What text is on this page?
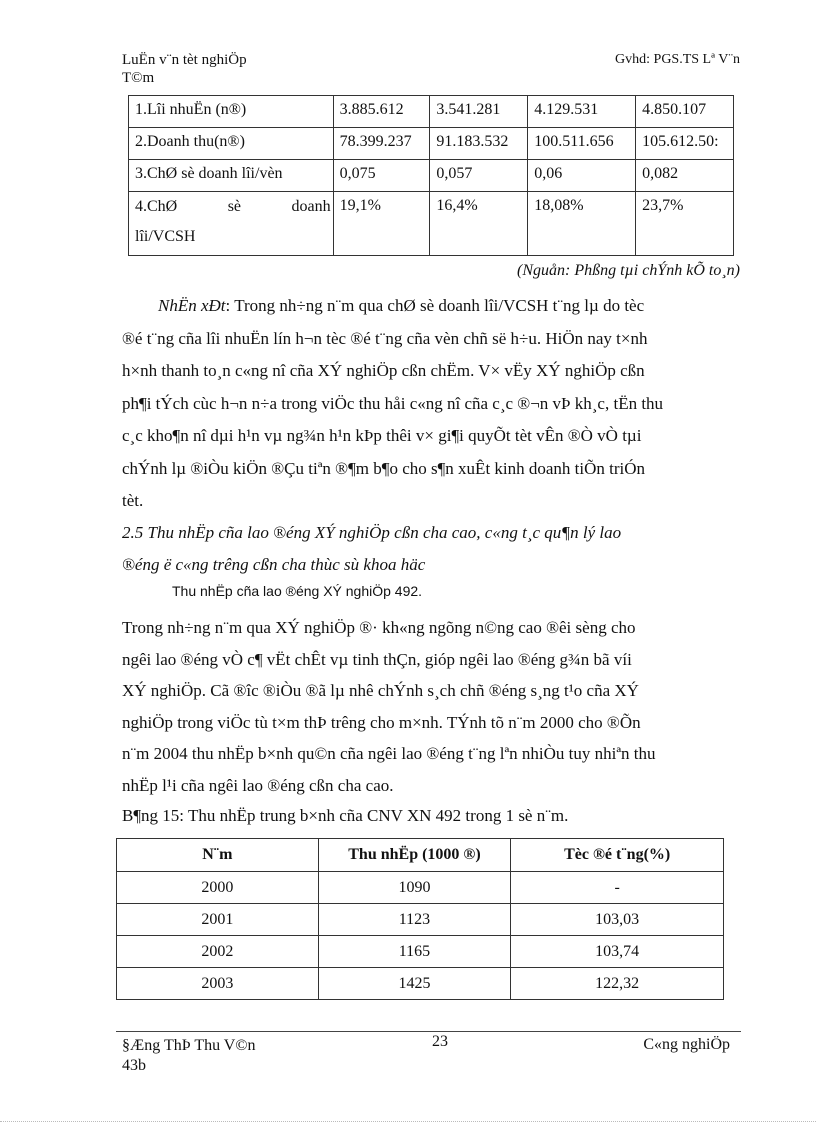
LuËn v¨n tèt nghiÖp
T©m
Gvhd: PGS.TS Lª V¨n
1.Lîi nhuËn (n®)	3.885.612	3.541.281	4.129.531	4.850.107
2.Doanh thu(n®)	78.399.237	91.183.532	100.511.656	105.612.50:
3.ChØ sè doanh lîi/vèn	0,075	0,057	0,06	0,082

4.ChØ sè doanh
lîi/VCSH	19,1%	16,4%	18,08%	23,7%
(Nguån: Phßng tµi chÝnh kÕ to¸n)
NhËn xÐt: Trong nh÷ng n¨m qua chØ sè doanh lîi/VCSH t¨ng lµ do tèc
®é t¨ng cña lîi nhuËn lín h¬n tèc ®é t¨ng cña vèn chñ së h÷u. HiÖn nay t×nh
h×nh thanh to¸n c«ng nî cña XÝ nghiÖp cßn chËm. V× vËy XÝ nghiÖp cßn
ph¶i tÝch cùc h¬n n÷a trong viÖc thu håi c«ng nî cña c¸c ®¬n vÞ kh¸c, tËn thu
c¸c kho¶n nî dµi h¹n vµ ng¾n h¹n kÞp thêi v× gi¶i quyÕt tèt vÊn ®Ò vÒ tµi
chÝnh lµ ®iÒu kiÖn ®Çu tiªn ®¶m b¶o cho s¶n xuÊt kinh doanh tiÕn triÓn
tèt.
2.5 Thu nhËp cña lao ®éng XÝ nghiÖp cßn cha cao, c«ng t¸c qu¶n lý lao
®éng ë c«ng trêng cßn cha thùc sù khoa häc
Thu nhËp cña lao ®éng XÝ nghiÖp 492.
Trong nh÷ng n¨m qua XÝ nghiÖp ®· kh«ng ngõng n©ng cao ®êi sèng cho
ngêi lao ®éng vÒ c¶ vËt chÊt vµ tinh thÇn, gióp ngêi lao ®éng g¾n bã víi
XÝ nghiÖp. Cã ®îc ®iÒu ®ã lµ nhê chÝnh s¸ch chñ ®éng s¸ng t¹o cña XÝ
nghiÖp trong viÖc tù t×m thÞ trêng cho m×nh. TÝnh tõ n¨m 2000 cho ®Õn
n¨m 2004 thu nhËp b×nh qu©n cña ngêi lao ®éng t¨ng lªn nhiÒu tuy nhiªn thu
nhËp l¹i cña ngêi lao ®éng cßn cha cao.
B¶ng 15: Thu nhËp trung b×nh cña CNV XN 492 trong 1 sè n¨m.
N¨m	Thu nhËp (1000 ®)	Tèc ®é t¨ng(%)
2000	1090	-
2001	1123	103,03
2002	1165	103,74
2003	1425	122,32
§Æng ThÞ Thu V©n
43b
23	C«ng nghiÖp
